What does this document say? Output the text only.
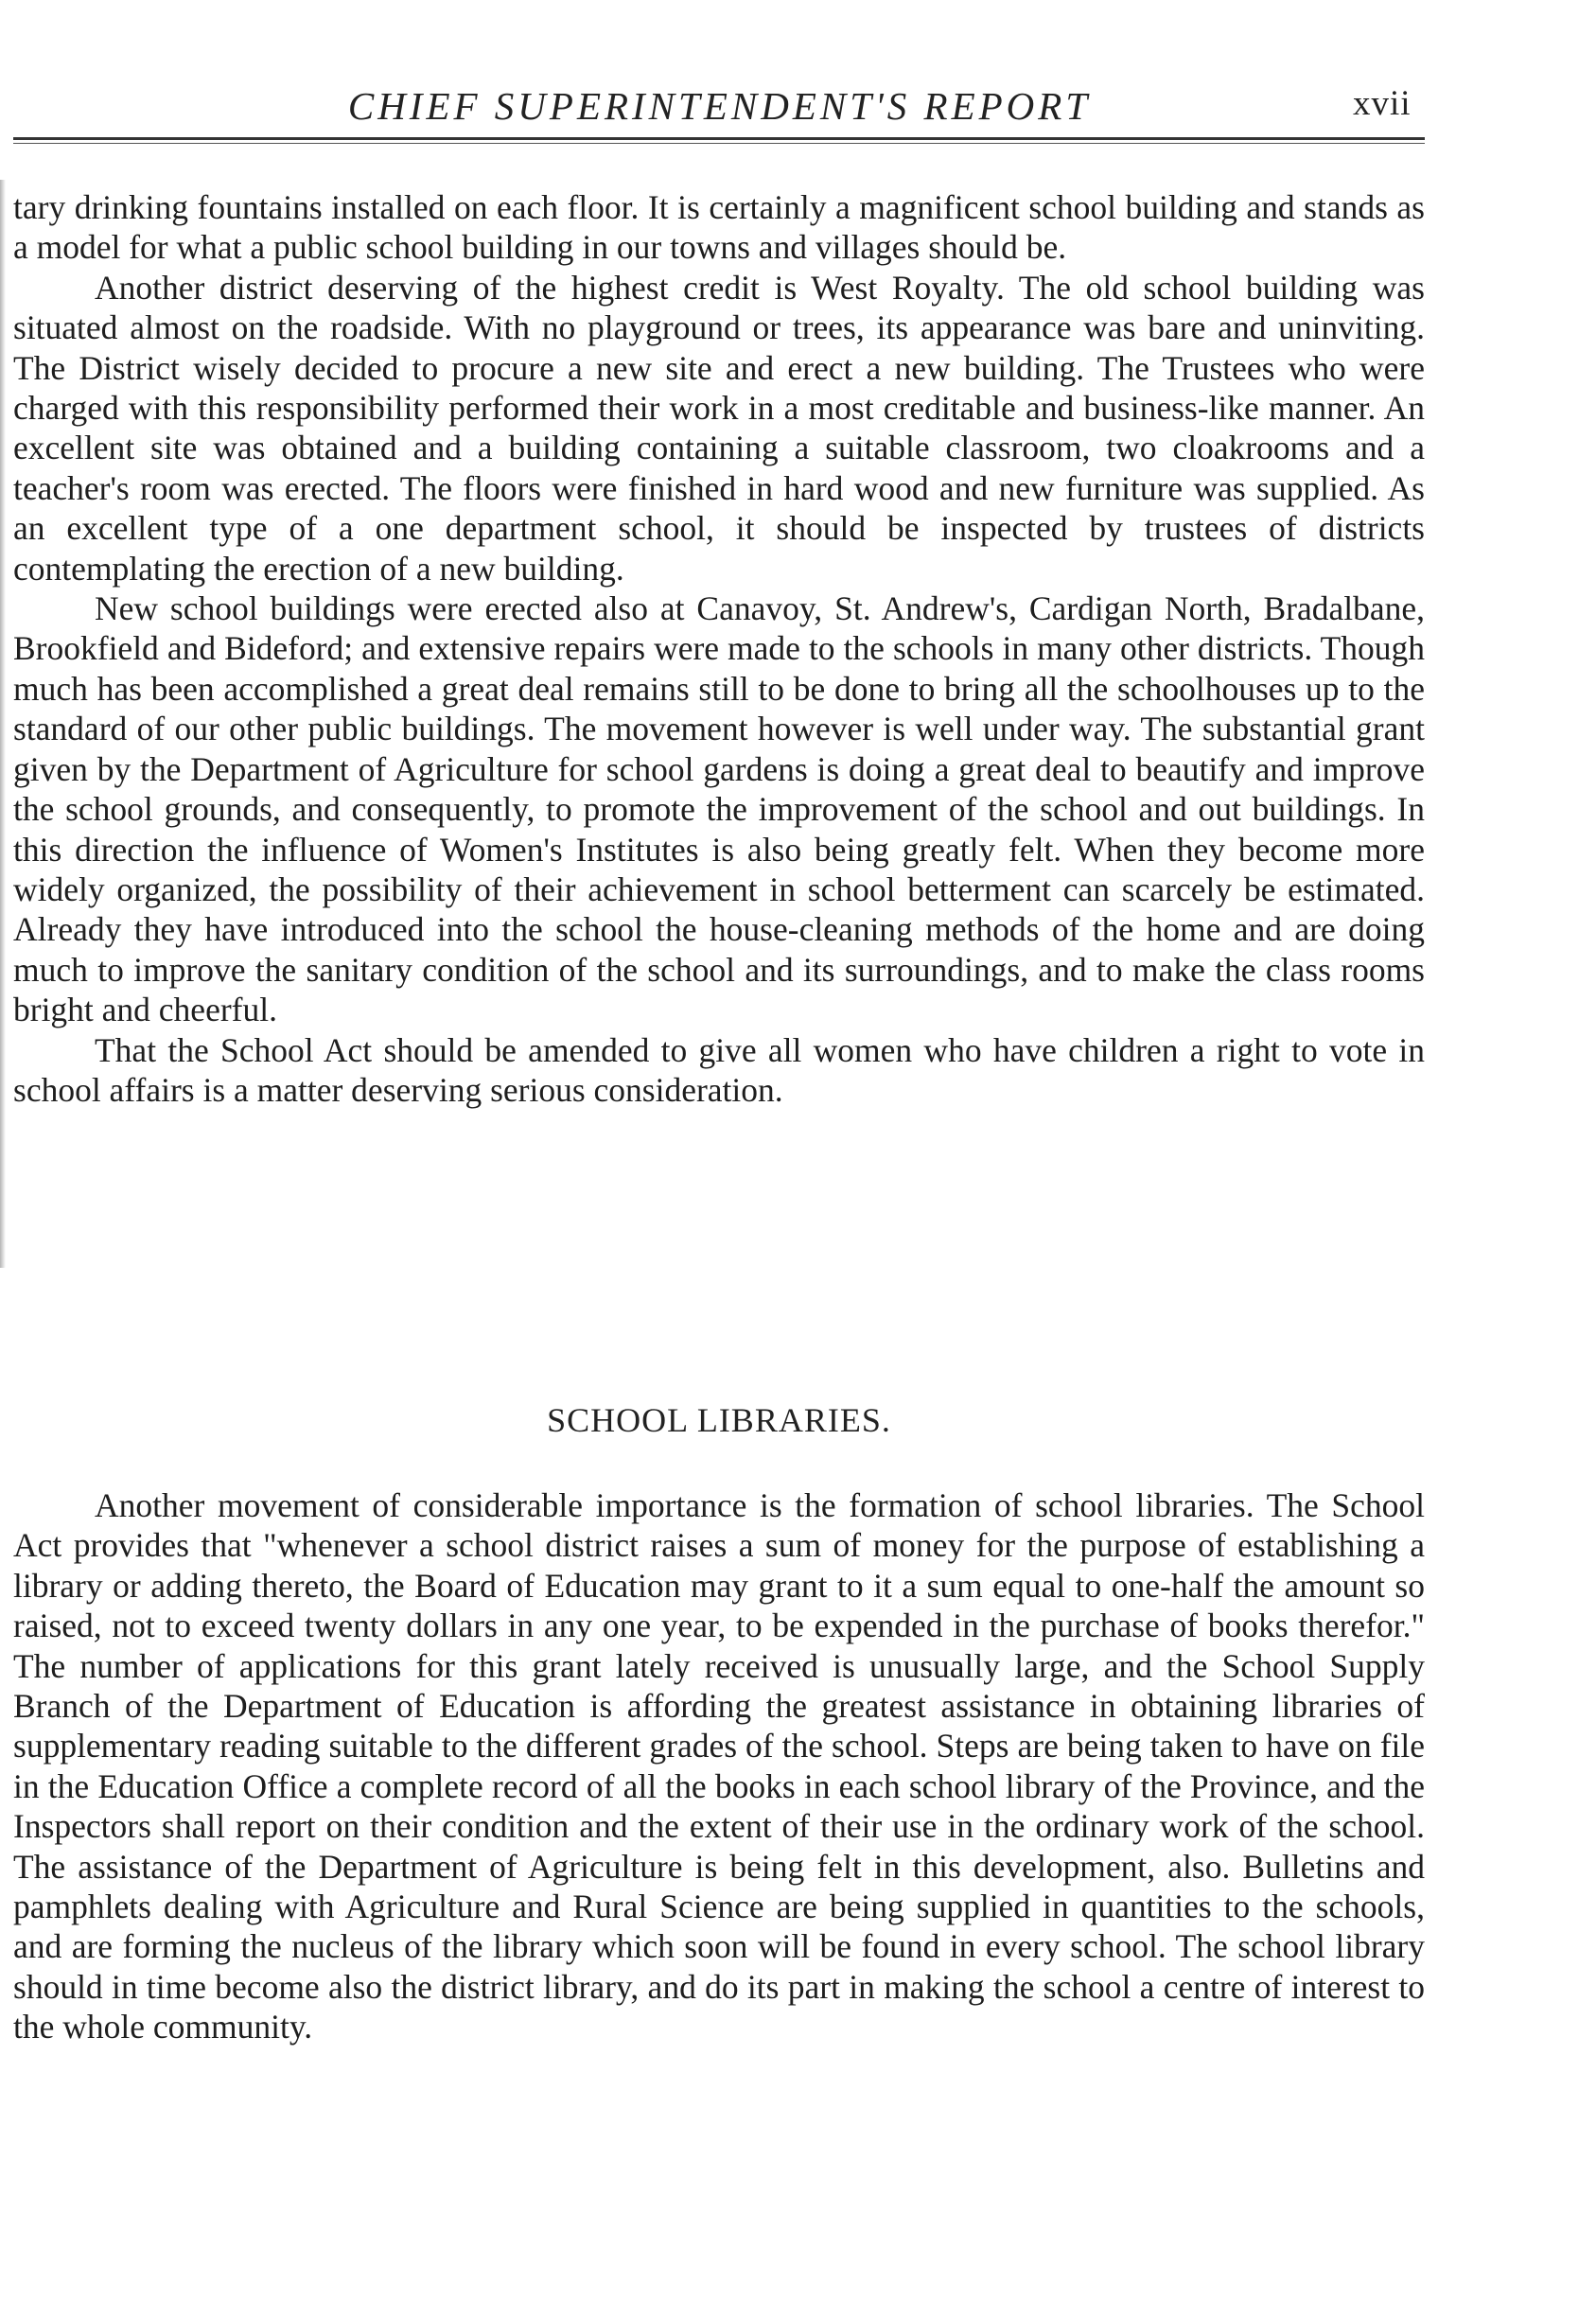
CHIEF SUPERINTENDENT'S REPORT	xvii

tary drinking fountains installed on each floor. It is certainly a magnificent school building and stands as a model for what a public school building in our towns and villages should be.

Another district deserving of the highest credit is West Royalty. The old school building was situated almost on the roadside. With no playground or trees, its appearance was bare and uninviting. The District wisely decided to procure a new site and erect a new building. The Trustees who were charged with this responsibility performed their work in a most creditable and business-like manner. An excellent site was obtained and a building containing a suitable classroom, two cloakrooms and a teacher's room was erected. The floors were finished in hard wood and new furniture was supplied. As an excellent type of a one department school, it should be inspected by trustees of districts contemplating the erection of a new building.

New school buildings were erected also at Canavoy, St. Andrew's, Cardigan North, Bradalbane, Brookfield and Bideford; and extensive repairs were made to the schools in many other districts. Though much has been accomplished a great deal remains still to be done to bring all the schoolhouses up to the standard of our other public buildings. The movement however is well under way. The substantial grant given by the Department of Agriculture for school gardens is doing a great deal to beautify and improve the school grounds, and consequently, to promote the improvement of the school and out buildings. In this direction the influence of Women's Institutes is also being greatly felt. When they become more widely organized, the possibility of their achievement in school betterment can scarcely be estimated. Already they have introduced into the school the house-cleaning methods of the home and are doing much to improve the sanitary condition of the school and its surroundings, and to make the class rooms bright and cheerful.

That the School Act should be amended to give all women who have children a right to vote in school affairs is a matter deserving serious consideration.

SCHOOL LIBRARIES.

Another movement of considerable importance is the formation of school libraries. The School Act provides that "whenever a school district raises a sum of money for the purpose of establishing a library or adding thereto, the Board of Education may grant to it a sum equal to one-half the amount so raised, not to exceed twenty dollars in any one year, to be expended in the purchase of books therefor." The number of applications for this grant lately received is unusually large, and the School Supply Branch of the Department of Education is affording the greatest assistance in obtaining libraries of supplementary reading suitable to the different grades of the school. Steps are being taken to have on file in the Education Office a complete record of all the books in each school library of the Province, and the Inspectors shall report on their condition and the extent of their use in the ordinary work of the school. The assistance of the Department of Agriculture is being felt in this development, also. Bulletins and pamphlets dealing with Agriculture and Rural Science are being supplied in quantities to the schools, and are forming the nucleus of the library which soon will be found in every school. The school library should in time become also the district library, and do its part in making the school a centre of interest to the whole community.
